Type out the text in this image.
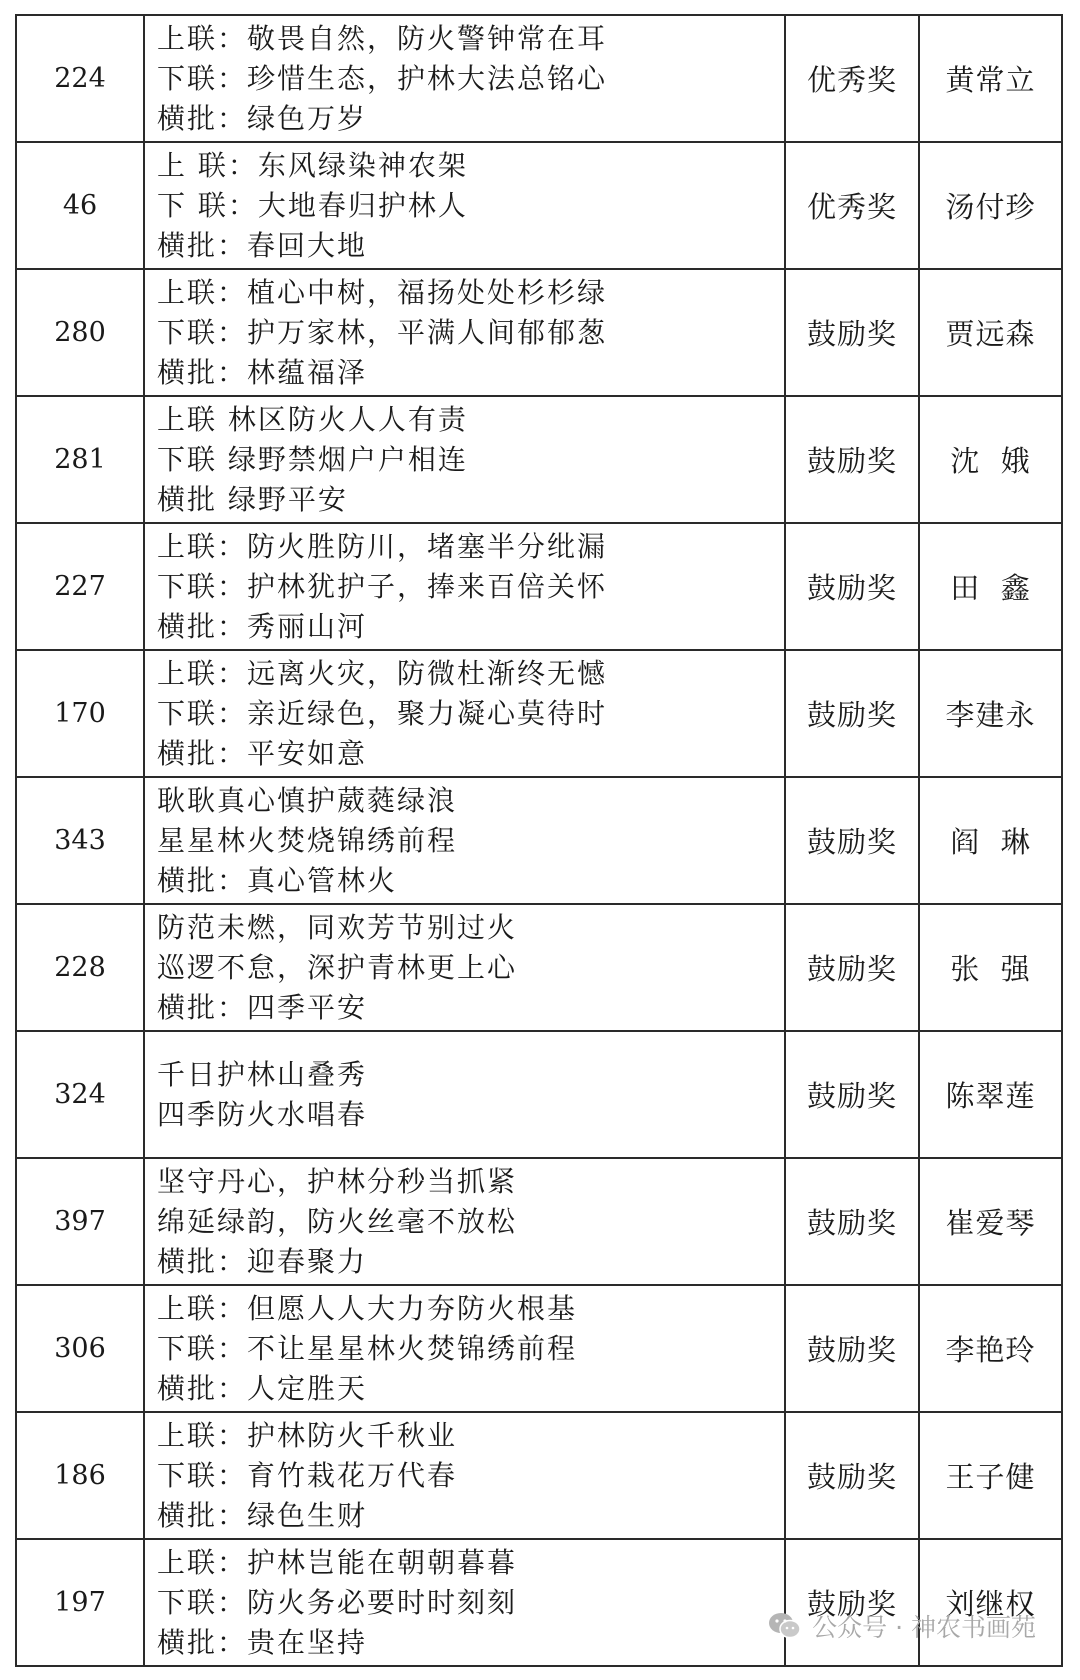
224	上联：敬畏自然，防火警钟常在耳
下联：珍惜生态，护林大法总铭心
横批：绿色万岁	优秀奖	黄常立
46	上 联：东风绿染神农架
下 联：大地春归护林人
横批：春回大地	优秀奖	汤付珍
280	上联：植心中树，福扬处处杉杉绿
下联：护万家林，平满人间郁郁葱
横批：林蕴福泽	鼓励奖	贾远森
281	上联 林区防火人人有责
下联 绿野禁烟户户相连
横批 绿野平安	鼓励奖	沈  娥
227	上联：防火胜防川，堵塞半分纰漏
下联：护林犹护子，捧来百倍关怀
横批：秀丽山河	鼓励奖	田  鑫
170	上联：远离火灾，防微杜渐终无憾
下联：亲近绿色，聚力凝心莫待时
横批：平安如意	鼓励奖	李建永
343	耿耿真心慎护葳蕤绿浪
星星林火焚烧锦绣前程
横批：真心管林火	鼓励奖	阎  琳
228	防范未燃，同欢芳节别过火
巡逻不怠，深护青林更上心
横批：四季平安	鼓励奖	张  强
324	千日护林山叠秀
四季防火水唱春	鼓励奖	陈翠莲
397	坚守丹心，护林分秒当抓紧
绵延绿韵，防火丝毫不放松
横批：迎春聚力	鼓励奖	崔爱琴
306	上联：但愿人人大力夯防火根基
下联：不让星星林火焚锦绣前程
横批：人定胜天	鼓励奖	李艳玲
186	上联：护林防火千秋业
下联：育竹栽花万代春
横批：绿色生财	鼓励奖	王子健
197	上联：护林岂能在朝朝暮暮
下联：防火务必要时时刻刻
横批：贵在坚持	鼓励奖	刘继权
公众号 · 神农书画苑
